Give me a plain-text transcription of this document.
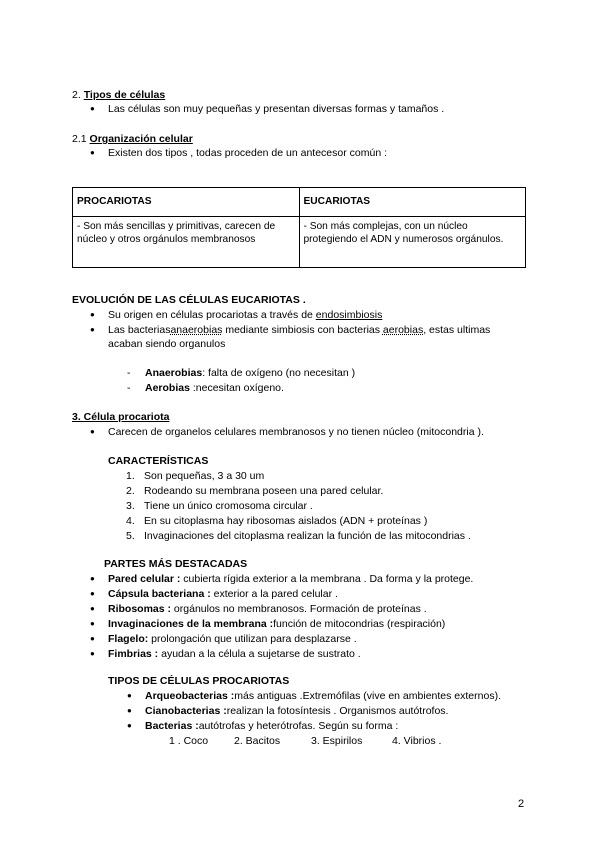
2. Tipos de células
● Las células son muy pequeñas y presentan diversas formas y tamaños .
2.1 Organización celular
● Existen dos tipos , todas proceden de un antecesor común :
PROCARIOTAS	EUCARIOTAS
- Son más sencillas y primitivas, carecen de núcleo y otros orgánulos membranosos	- Son más complejas, con un núcleo protegiendo el ADN y numerosos orgánulos.
EVOLUCIÓN DE LAS CÉLULAS EUCARIOTAS .
● Su origen en células procariotas a través de endosimbiosis
● Las bacteriasanaerobias mediante simbiosis con bacterias aerobias, estas ultimas
acaban siendo organulos
- Anaerobias: falta de oxígeno (no necesitan )
- Aerobias :necesitan oxígeno.
3. Célula procariota
● Carecen de organelos celulares membranosos y no tienen núcleo (mitocondria ).
CARACTERÍSTICAS
1. Son pequeñas, 3 a 30 um
2. Rodeando su membrana poseen una pared celular.
3. Tiene un único cromosoma circular .
4. En su citoplasma hay ribosomas aislados (ADN + proteínas )
5. Invaginaciones del citoplasma realizan la función de las mitocondrias .
PARTES MÁS DESTACADAS
● Pared celular : cubierta rígida exterior a la membrana . Da forma y la protege.
● Cápsula bacteriana : exterior a la pared celular .
● Ribosomas : orgánulos no membranosos. Formación de proteínas .
● Invaginaciones de la membrana :función de mitocondrias (respiración)
● Flagelo: prolongación que utilizan para desplazarse .
● Fimbrias : ayudan a la célula a sujetarse de sustrato .
TIPOS DE CÉLULAS PROCARIOTAS
● Arqueobacterias :más antiguas .Extremófilas (vive en ambientes externos).
● Cianobacterias :realizan la fotosíntesis . Organismos autótrofos.
● Bacterias :autótrofas y heterótrofas. Según su forma :
1 . Coco 2. Bacitos	3. Espirilos	4. Vibrios .
2
